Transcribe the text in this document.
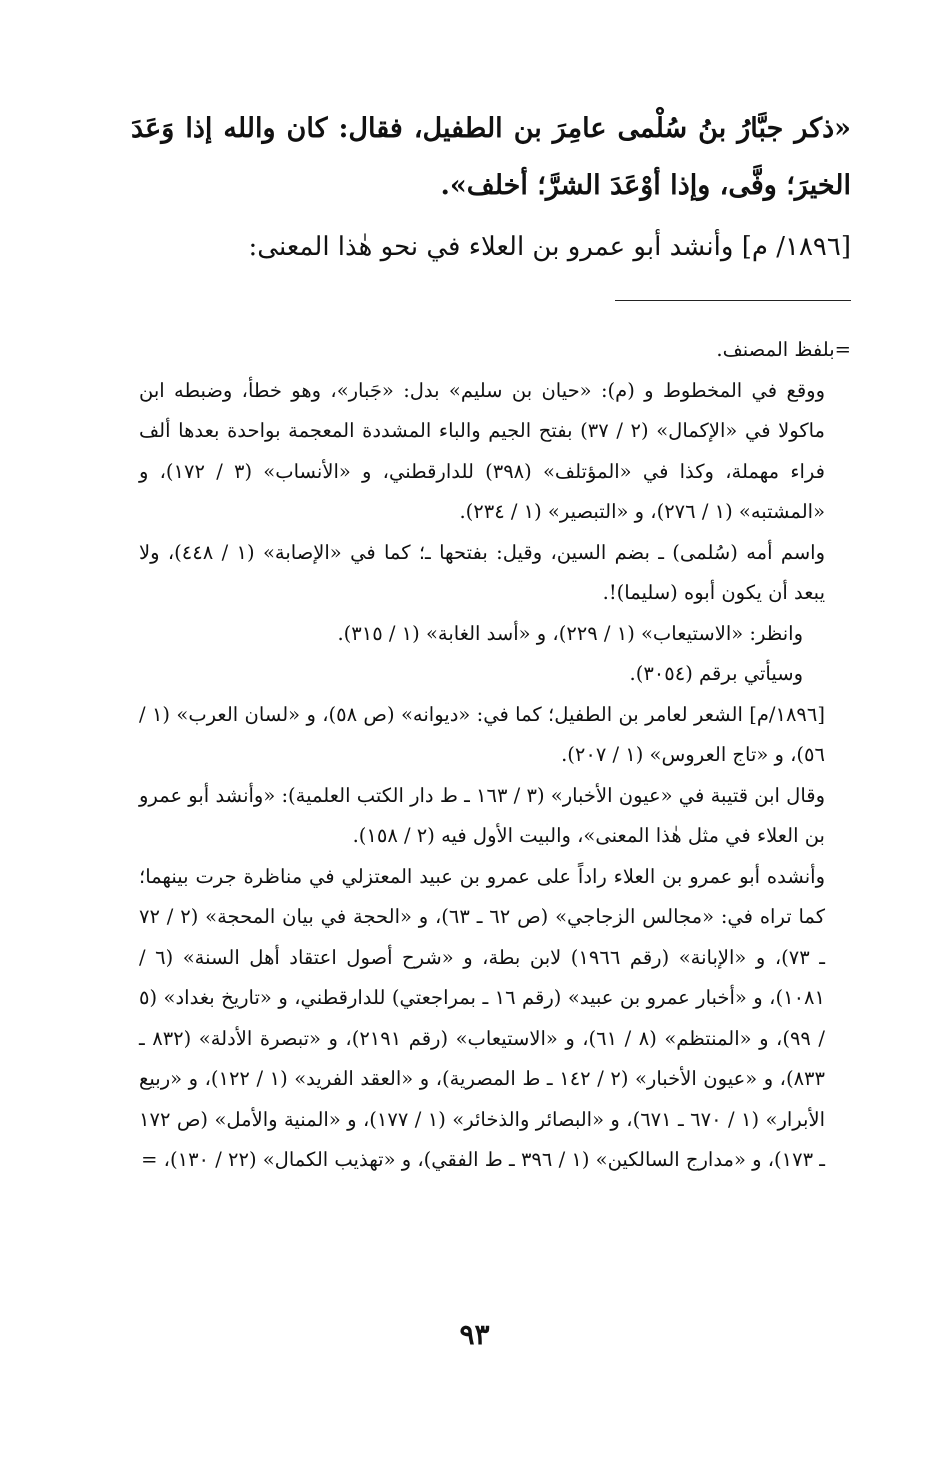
«ذكر جبَّارُ بنُ سُلْمى عامِرَ بن الطفيل، فقال: كان والله إذا وَعَدَ الخيرَ؛ وفَّى، وإذا أوْعَدَ الشرَّ؛ أخلف».
[١٨٩٦/ م] وأنشد أبو عمرو بن العلاء في نحو هٰذا المعنى:

=بلفظ المصنف.

ووقع في المخطوط و (م): «حيان بن سليم» بدل: «جَبار»، وهو خطأ، وضبطه ابن ماكولا في «الإكمال» (٢ / ٣٧) بفتح الجيم والباء المشددة المعجمة بواحدة بعدها ألف فراء مهملة، وكذا في «المؤتلف» (٣٩٨) للدارقطني، و «الأنساب» (٣ / ١٧٢)، و «المشتبه» (١ / ٢٧٦)، و «التبصير» (١ / ٢٣٤).

واسم أمه (سُلمى) ـ بضم السين، وقيل: بفتحها ـ؛ كما في «الإصابة» (١ / ٤٤٨)، ولا يبعد أن يكون أبوه (سليما)!.

وانظر: «الاستيعاب» (١ / ٢٢٩)، و «أسد الغابة» (١ / ٣١٥).

وسيأتي برقم (٣٠٥٤).

[١٨٩٦/م] الشعر لعامر بن الطفيل؛ كما في: «ديوانه» (ص ٥٨)، و «لسان العرب» (١ / ٥٦)، و «تاج العروس» (١ / ٢٠٧).

وقال ابن قتيبة في «عيون الأخبار» (٣ / ١٦٣ ـ ط دار الكتب العلمية): «وأنشد أبو عمرو بن العلاء في مثل هٰذا المعنى»، والبيت الأول فيه (٢ / ١٥٨).

وأنشده أبو عمرو بن العلاء راداً على عمرو بن عبيد المعتزلي في مناظرة جرت بينهما؛ كما تراه في: «مجالس الزجاجي» (ص ٦٢ ـ ٦٣)، و «الحجة في بيان المحجة» (٢ / ٧٢ ـ ٧٣)، و «الإبانة» (رقم ١٩٦٦) لابن بطة، و «شرح أصول اعتقاد أهل السنة» (٦ / ١٠٨١)، و «أخبار عمرو بن عبيد» (رقم ١٦ ـ بمراجعتي) للدارقطني، و «تاريخ بغداد» (٥ / ٩٩)، و «المنتظم» (٨ / ٦١)، و «الاستيعاب» (رقم ٢١٩١)، و «تبصرة الأدلة» (٨٣٢ ـ ٨٣٣)، و «عيون الأخبار» (٢ / ١٤٢ ـ ط المصرية)، و «العقد الفريد» (١ / ١٢٢)، و «ربيع الأبرار» (١ / ٦٧٠ ـ ٦٧١)، و «البصائر والذخائر» (١ / ١٧٧)، و «المنية والأمل» (ص ١٧٢ ـ ١٧٣)، و «مدارج السالكين» (١ / ٣٩٦ ـ ط الفقي)، و «تهذيب الكمال» (٢٢ / ١٣٠)، =

٩٣
